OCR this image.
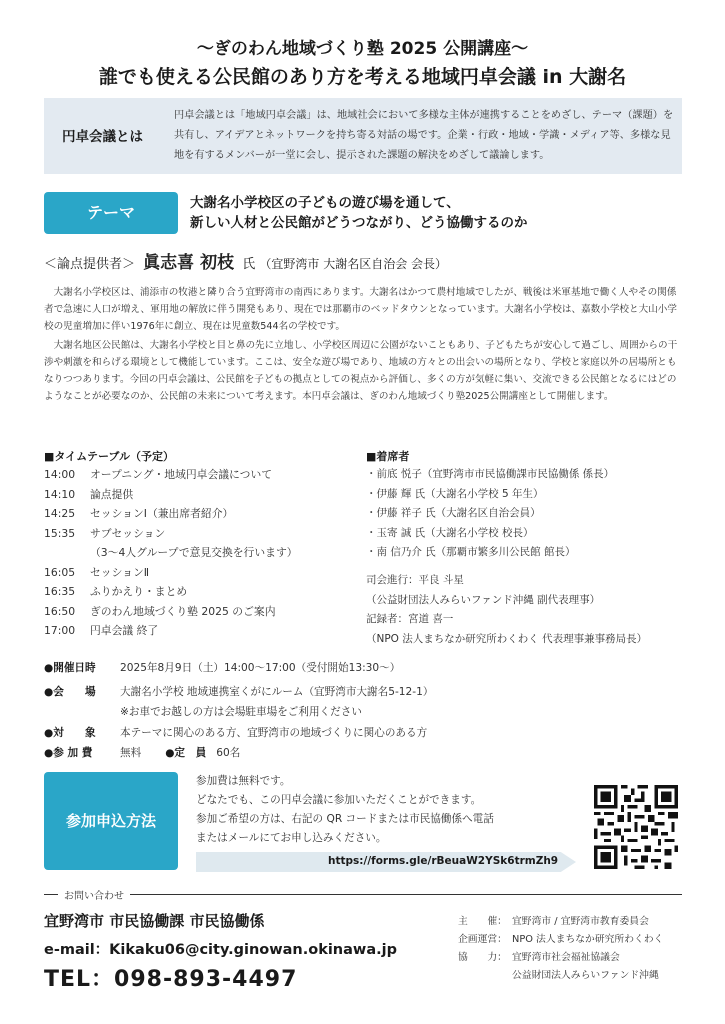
〜ぎのわん地域づくり塾 2025 公開講座〜
誰でも使える公民館のあり方を考える地域円卓会議 in 大謝名
円卓会議とは
円卓会議とは「地域円卓会議」は、地域社会において多様な主体が連携することをめざし、テーマ（課題）を共有し、アイデアとネットワークを持ち寄る対話の場です。企業・行政・地域・学識・メディア等、多様な見地を有するメンバーが一堂に会し、提示された課題の解決をめざして議論します。
テーマ	大謝名小学校区の子どもの遊び場を通して、
新しい人材と公民館がどうつながり、どう協働するのか
＜論点提供者＞ 眞志喜 初枝 氏 （宜野湾市 大謝名区自治会 会長）

大謝名小学校区は、浦添市の牧港と隣り合う宜野湾市の南西にあります。大謝名はかつて農村地域でしたが、戦後は米軍基地で働く人やその関係者で急速に人口が増え、軍用地の解放に伴う開発もあり、現在では那覇市のベッドタウンとなっています。大謝名小学校は、嘉数小学校と大山小学校の児童増加に伴い1976年に創立、現在は児童数544名の学校です。

大謝名地区公民館は、大謝名小学校と目と鼻の先に立地し、小学校区周辺に公園がないこともあり、子どもたちが安心して過ごし、周囲からの干渉や刺激を和らげる環境として機能しています。ここは、安全な遊び場であり、地域の方々との出会いの場所となり、学校と家庭以外の居場所ともなりつつあります。今回の円卓会議は、公民館を子どもの拠点としての視点から評価し、多くの方が気軽に集い、交流できる公民館となるにはどのようなことが必要なのか、公民館の未来について考えます。本円卓会議は、ぎのわん地域づくり塾2025公開講座として開催します。

■タイムテーブル（予定）
14:00	オープニング・地域円卓会議について
14:10	論点提供
14:25	セッションⅠ（兼出席者紹介）
15:35	サブセッション
（3〜4人グループで意見交換を行います）
16:05	セッションⅡ
16:35	ふりかえり・まとめ
16:50	ぎのわん地域づくり塾 2025 のご案内
17:00	円卓会議 終了
■着席者
・前底 悦子（宜野湾市市民協働課市民協働係 係長）
・伊藤 輝 氏（大謝名小学校 5 年生）
・伊藤 祥子 氏（大謝名区自治会員）
・玉寄 誠 氏（大謝名小学校 校長）
・南 信乃介 氏（那覇市繁多川公民館 館長）
司会進行：平良 斗星
（公益財団法人みらいファンド沖縄 副代表理事）
記録者：宮道 喜一
（NPO 法人まちなか研究所わくわく 代表理事兼事務局長）
●開催日時 2025年8月9日（土）14:00〜17:00（受付開始13:30〜）
●会　　場 大謝名小学校 地域連携室くがにルーム（宜野湾市大謝名5-12-1）
※お車でお越しの方は会場駐車場をご利用ください
●対　　象 本テーマに関心のある方、宜野湾市の地域づくりに関心のある方
●参 加 費	無料 ●定　員 60名
参加申込方法
参加費は無料です。
どなたでも、この円卓会議に参加いただくことができます。
参加ご希望の方は、右記の QR コードまたは市民協働係へ電話
またはメールにてお申し込みください。
https://forms.gle/rBeuaW2YSk6trmZh9
お問い合わせ
宜野湾市 市民協働課 市民協働係
e-mail：Kikaku06@city.ginowan.okinawa.jp
TEL：098-893-4497
主　　催： 宜野湾市 / 宜野湾市教育委員会
企画運営： NPO 法人まちなか研究所わくわく
協　　力： 宜野湾市社会福祉協議会
公益財団法人みらいファンド沖縄
